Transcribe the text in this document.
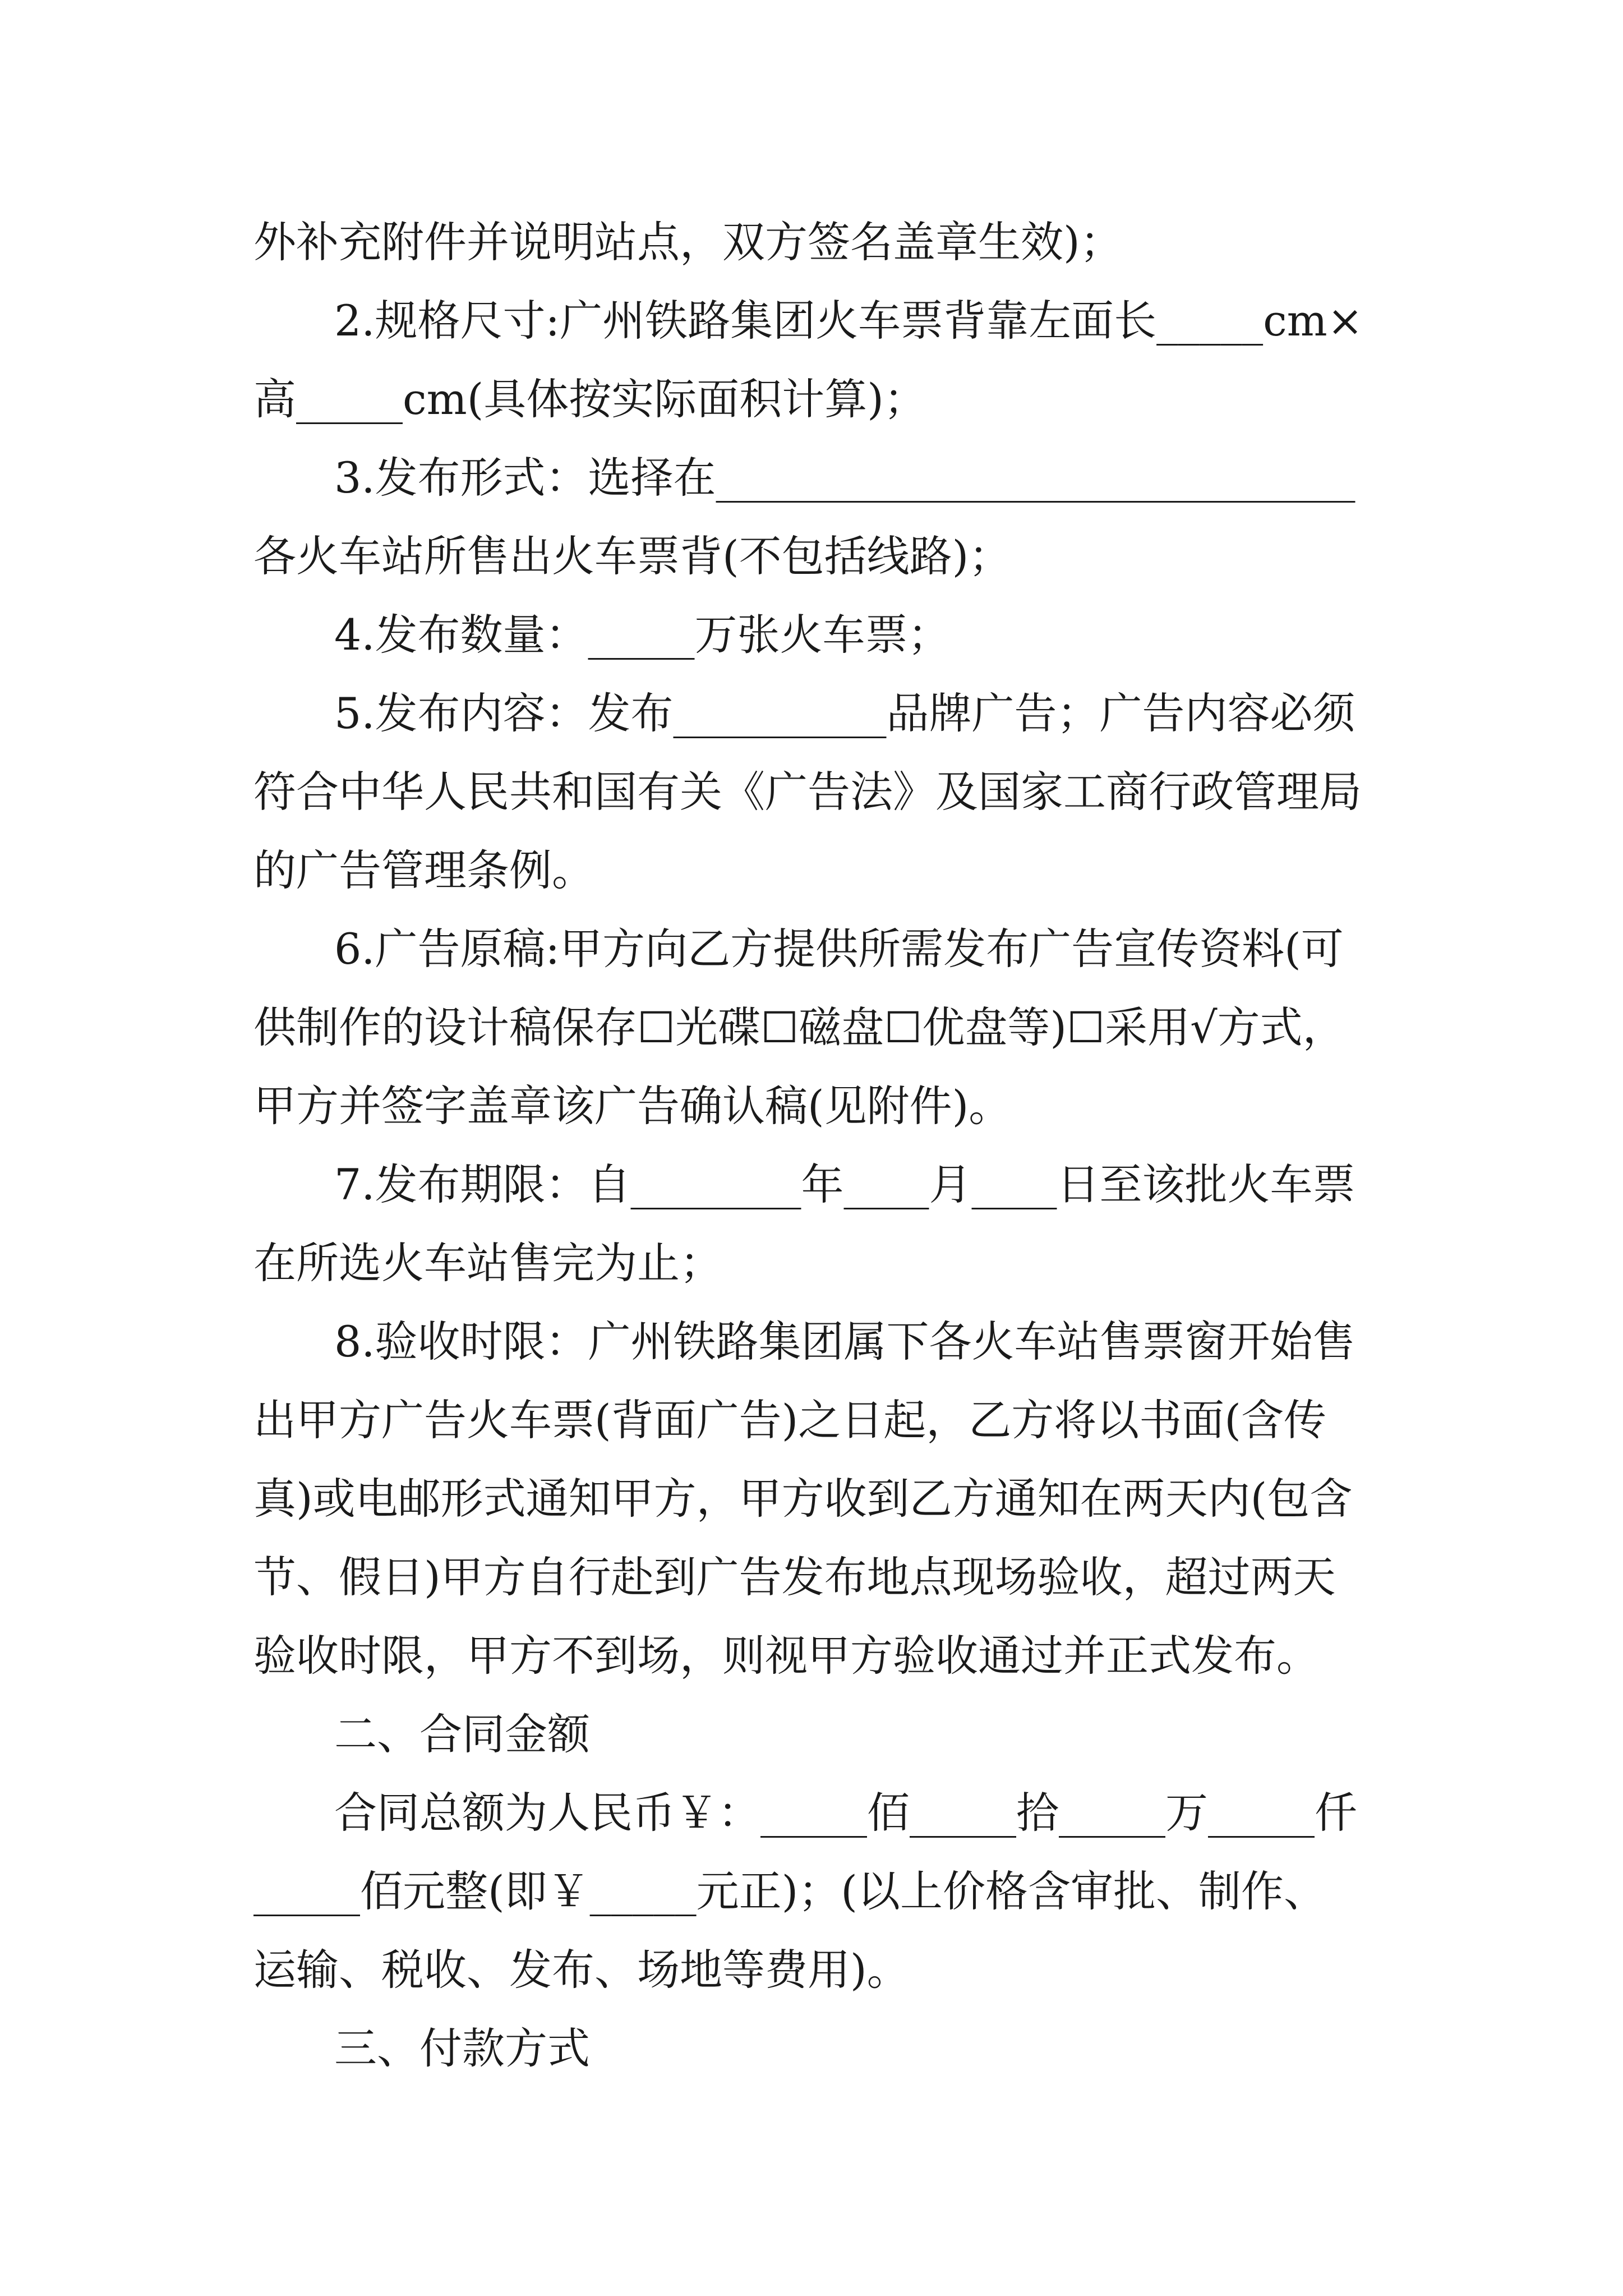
外补充附件并说明站点，双方签名盖章生效)；
2.规格尺寸:广州铁路集团火车票背靠左面长_____cm×
高_____cm(具体按实际面积计算)；
3.发布形式：选择在______________________________
各火车站所售出火车票背(不包括线路)；
4.发布数量：_____万张火车票；
5.发布内容：发布__________品牌广告；广告内容必须
符合中华人民共和国有关《广告法》及国家工商行政管理局
的广告管理条例。
6.广告原稿:甲方向乙方提供所需发布广告宣传资料(可
供制作的设计稿保存☐光碟☐磁盘☐优盘等)☐采用√方式，
甲方并签字盖章该广告确认稿(见附件)。
7.发布期限：自________年____月____日至该批火车票
在所选火车站售完为止；
8.验收时限：广州铁路集团属下各火车站售票窗开始售
出甲方广告火车票(背面广告)之日起，乙方将以书面(含传
真)或电邮形式通知甲方，甲方收到乙方通知在两天内(包含
节、假日)甲方自行赴到广告发布地点现场验收，超过两天
验收时限，甲方不到场，则视甲方验收通过并正式发布。
二、合同金额
合同总额为人民币￥：_____佰_____拾_____万_____仟
_____佰元整(即￥_____元正)；(以上价格含审批、制作、
运输、税收、发布、场地等费用)。
三、付款方式
